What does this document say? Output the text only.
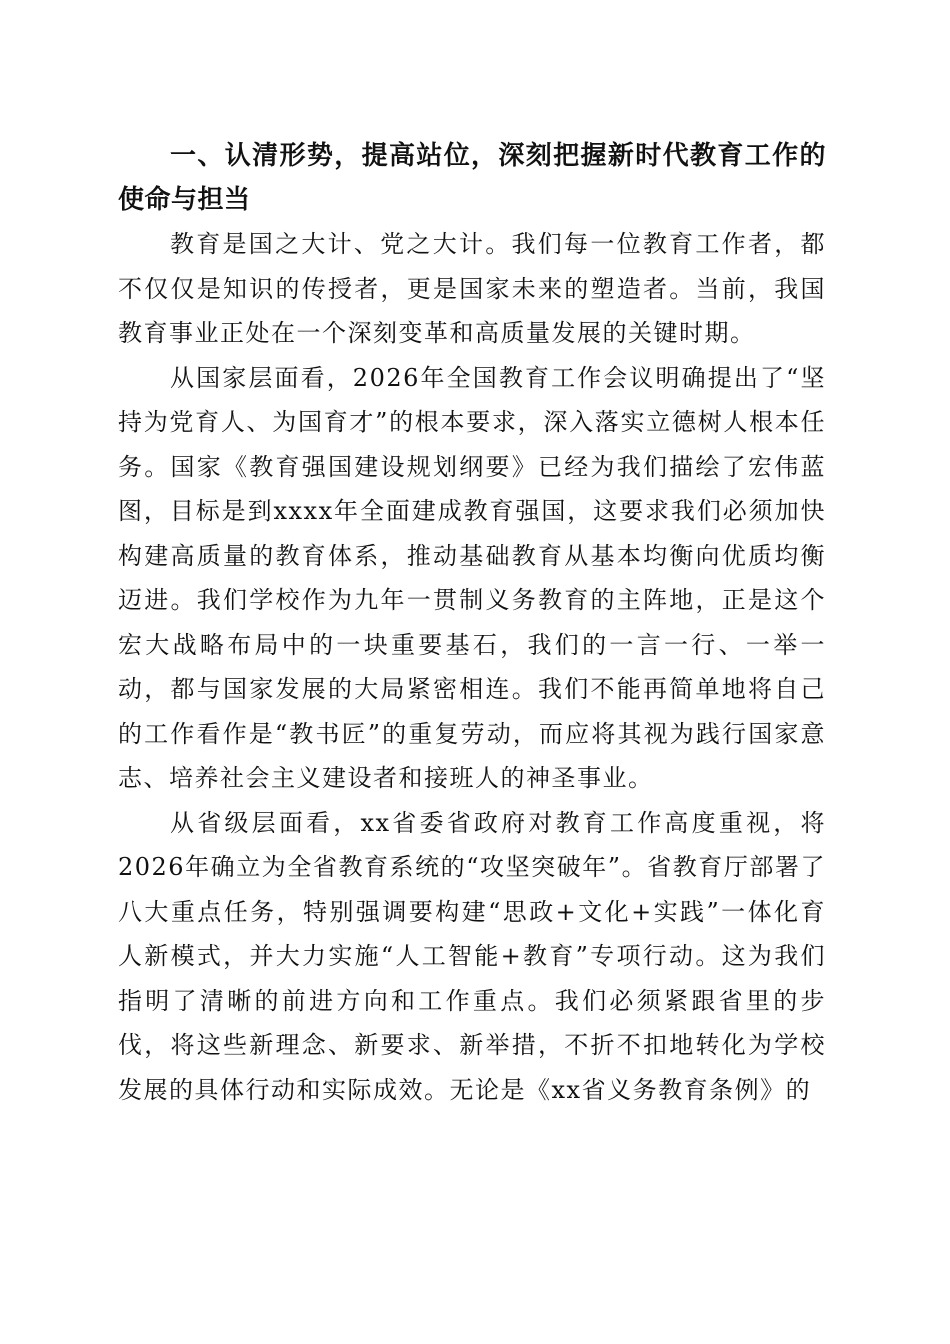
一、认清形势，提高站位，深刻把握新时代教育工作的使命与担当

教育是国之大计、党之大计。我们每一位教育工作者，都不仅仅是知识的传授者，更是国家未来的塑造者。当前，我国教育事业正处在一个深刻变革和高质量发展的关键时期。

从国家层面看，2026年全国教育工作会议明确提出了“坚持为党育人、为国育才”的根本要求，深入落实立德树人根本任务。国家《教育强国建设规划纲要》已经为我们描绘了宏伟蓝图，目标是到xxxx年全面建成教育强国，这要求我们必须加快构建高质量的教育体系，推动基础教育从基本均衡向优质均衡迈进。我们学校作为九年一贯制义务教育的主阵地，正是这个宏大战略布局中的一块重要基石，我们的一言一行、一举一动，都与国家发展的大局紧密相连。我们不能再简单地将自己的工作看作是“教书匠”的重复劳动，而应将其视为践行国家意志、培养社会主义建设者和接班人的神圣事业。

从省级层面看，xx省委省政府对教育工作高度重视，将2026年确立为全省教育系统的“攻坚突破年”。省教育厅部署了八大重点任务，特别强调要构建“思政+文化+实践”一体化育人新模式，并大力实施“人工智能+教育”专项行动。这为我们指明了清晰的前进方向和工作重点。我们必须紧跟省里的步伐，将这些新理念、新要求、新举措，不折不扣地转化为学校发展的具体行动和实际成效。无论是《xx省义务教育条例》的
